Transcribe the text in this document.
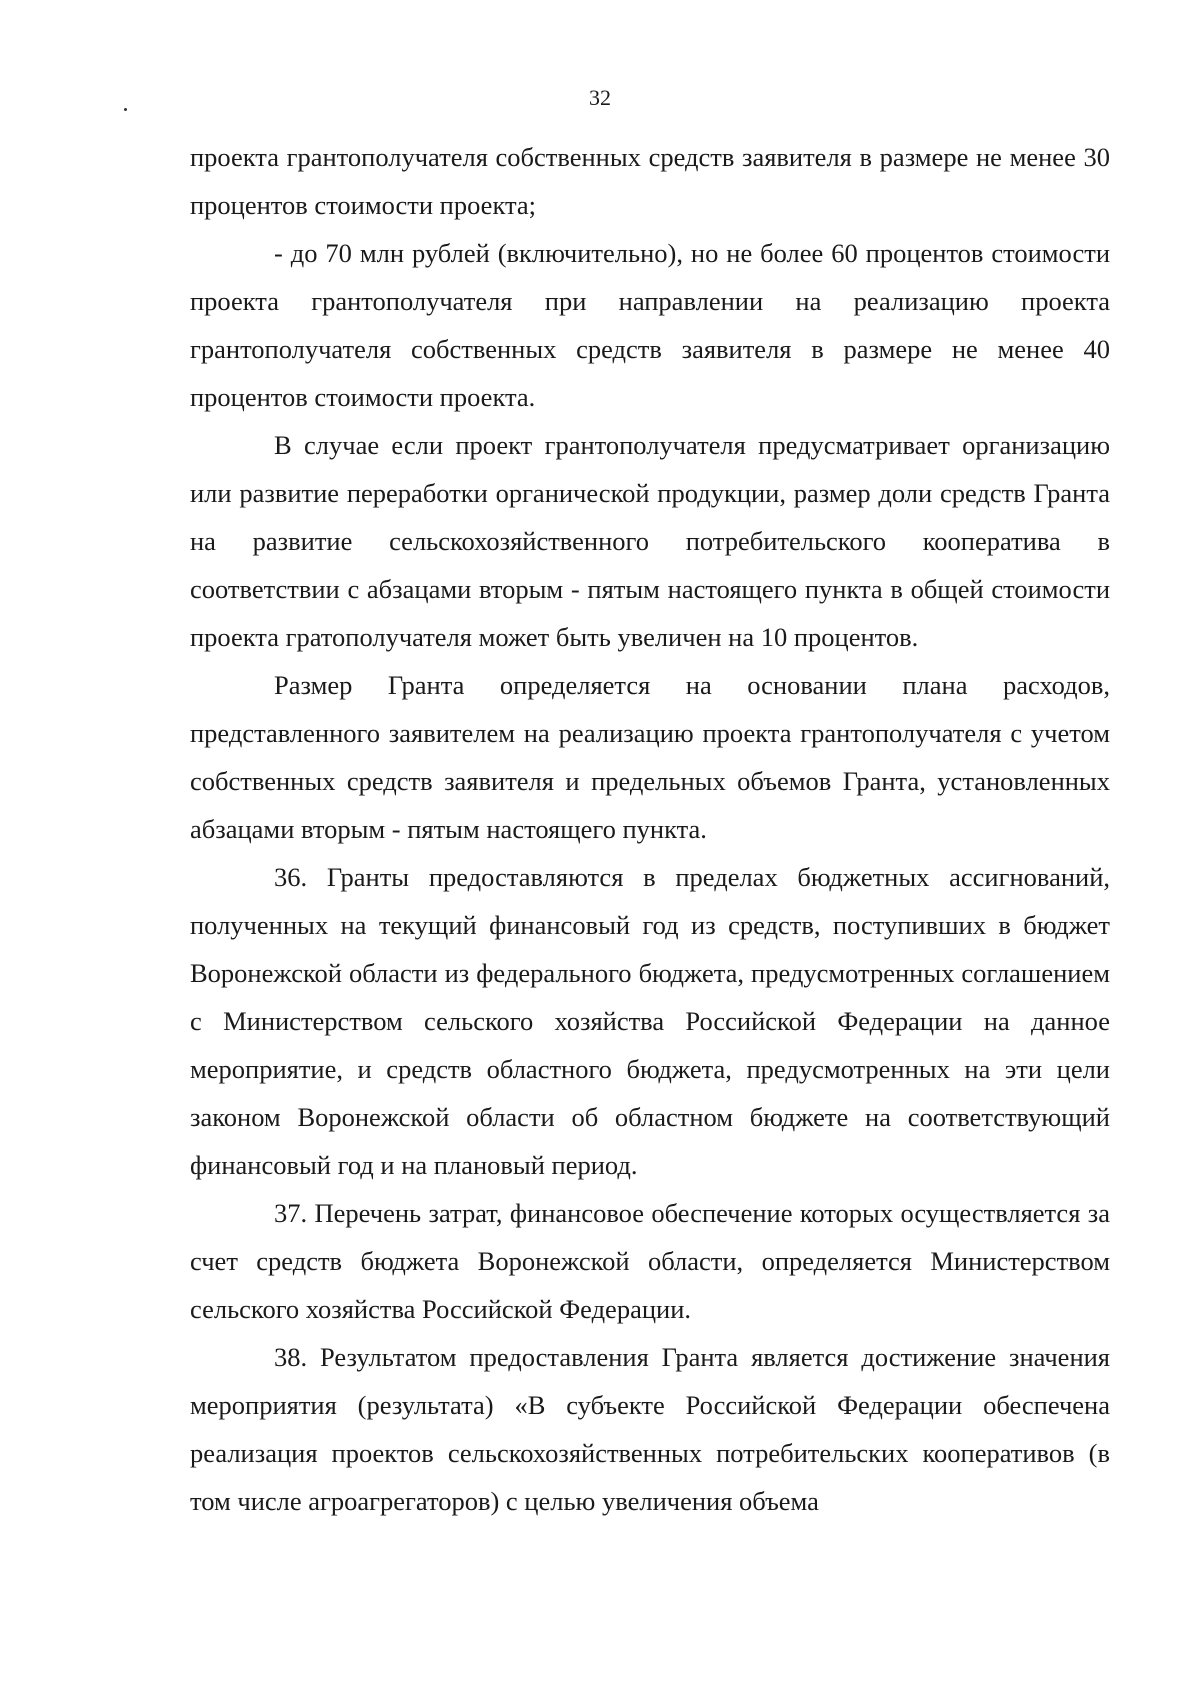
32

проекта грантополучателя собственных средств заявителя в размере не менее 30 процентов стоимости проекта;

- до 70 млн рублей (включительно), но не более 60 процентов стоимости проекта грантополучателя при направлении на реализацию проекта грантополучателя собственных средств заявителя в размере не менее 40 процентов стоимости проекта.

В случае если проект грантополучателя предусматривает организацию или развитие переработки органической продукции, размер доли средств Гранта на развитие сельскохозяйственного потребительского кооператива в соответствии с абзацами вторым - пятым настоящего пункта в общей стоимости проекта гратополучателя может быть увеличен на 10 процентов.

Размер Гранта определяется на основании плана расходов, представленного заявителем на реализацию проекта грантополучателя с учетом собственных средств заявителя и предельных объемов Гранта, установленных абзацами вторым - пятым настоящего пункта.

36. Гранты предоставляются в пределах бюджетных ассигнований, полученных на текущий финансовый год из средств, поступивших в бюджет Воронежской области из федерального бюджета, предусмотренных соглашением с Министерством сельского хозяйства Российской Федерации на данное мероприятие, и средств областного бюджета, предусмотренных на эти цели законом Воронежской области об областном бюджете на соответствующий финансовый год и на плановый период.

37. Перечень затрат, финансовое обеспечение которых осуществляется за счет средств бюджета Воронежской области, определяется Министерством сельского хозяйства Российской Федерации.

38. Результатом предоставления Гранта является достижение значения мероприятия (результата) «В субъекте Российской Федерации обеспечена реализация проектов сельскохозяйственных потребительских кооперативов (в том числе агроагрегаторов) с целью увеличения объема
